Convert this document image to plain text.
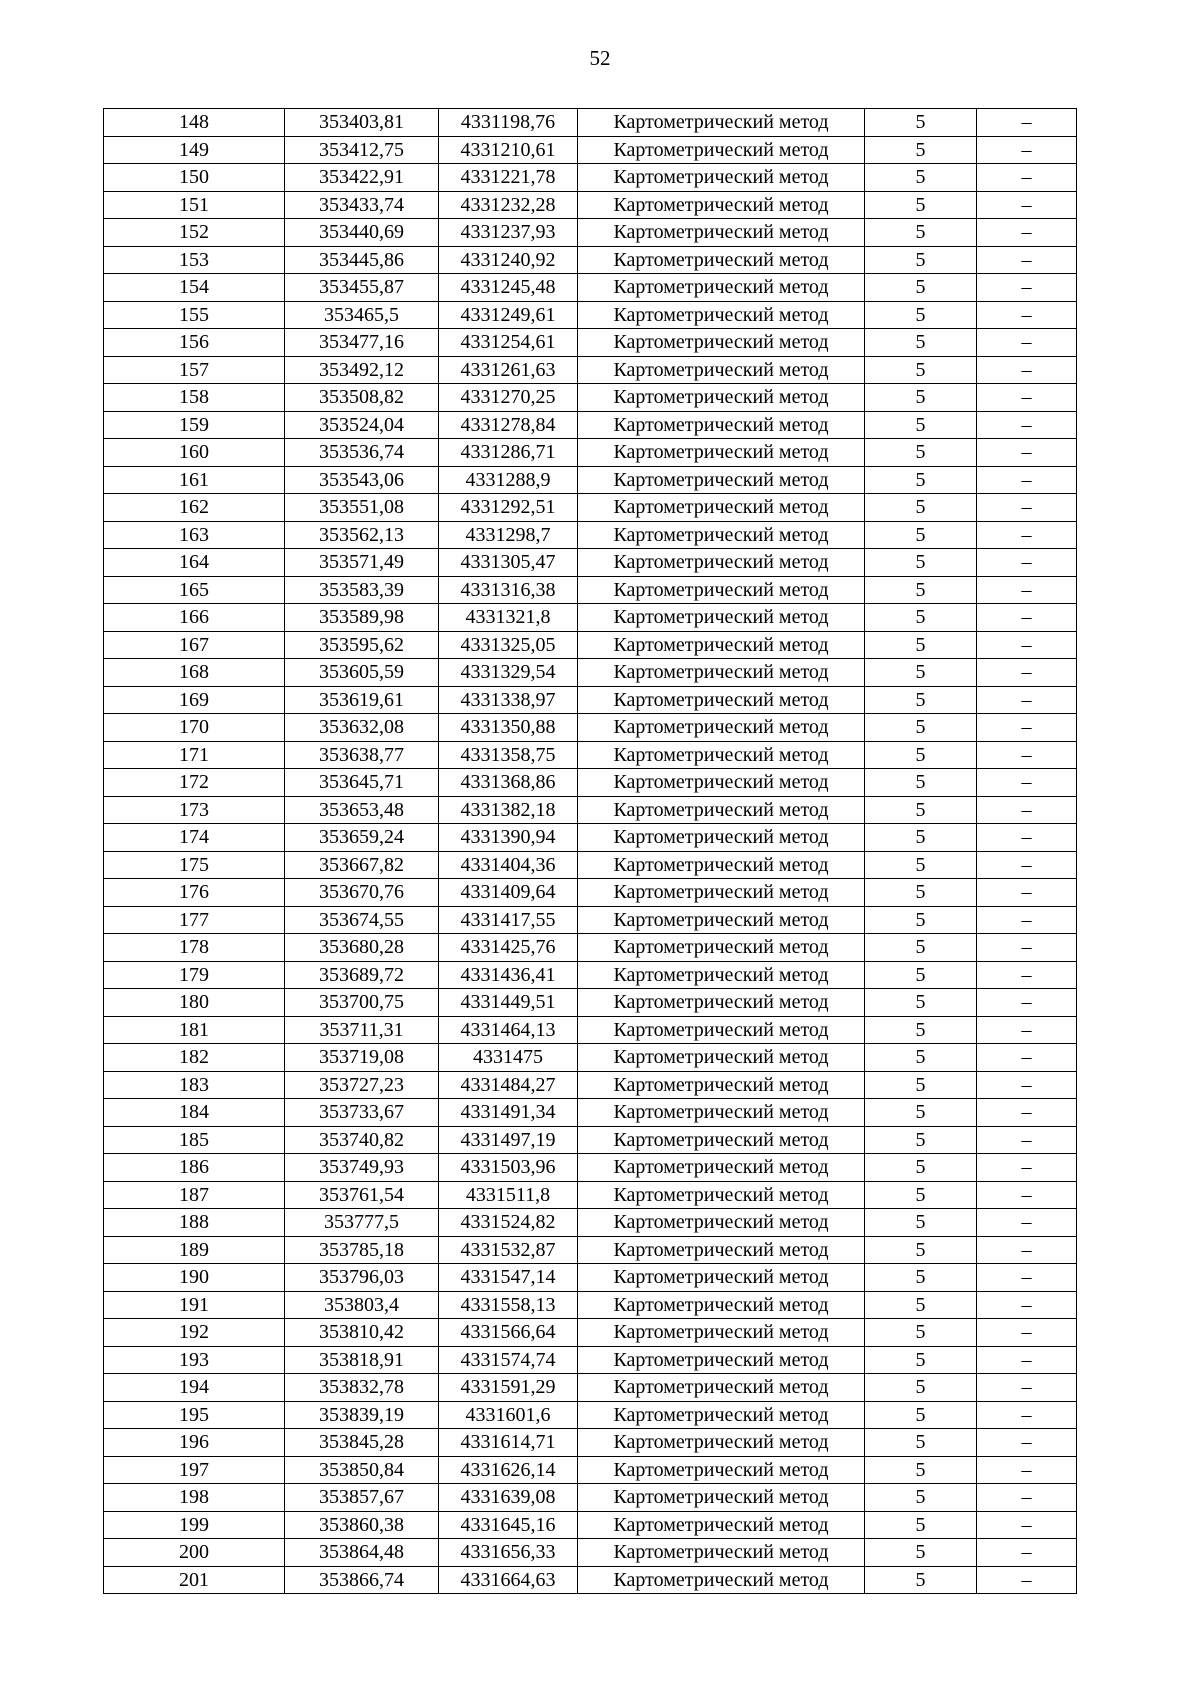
52
148	353403,81	4331198,76	Картометрический метод	5	–
149	353412,75	4331210,61	Картометрический метод	5	–
150	353422,91	4331221,78	Картометрический метод	5	–
151	353433,74	4331232,28	Картометрический метод	5	–
152	353440,69	4331237,93	Картометрический метод	5	–
153	353445,86	4331240,92	Картометрический метод	5	–
154	353455,87	4331245,48	Картометрический метод	5	–
155	353465,5	4331249,61	Картометрический метод	5	–
156	353477,16	4331254,61	Картометрический метод	5	–
157	353492,12	4331261,63	Картометрический метод	5	–
158	353508,82	4331270,25	Картометрический метод	5	–
159	353524,04	4331278,84	Картометрический метод	5	–
160	353536,74	4331286,71	Картометрический метод	5	–
161	353543,06	4331288,9	Картометрический метод	5	–
162	353551,08	4331292,51	Картометрический метод	5	–
163	353562,13	4331298,7	Картометрический метод	5	–
164	353571,49	4331305,47	Картометрический метод	5	–
165	353583,39	4331316,38	Картометрический метод	5	–
166	353589,98	4331321,8	Картометрический метод	5	–
167	353595,62	4331325,05	Картометрический метод	5	–
168	353605,59	4331329,54	Картометрический метод	5	–
169	353619,61	4331338,97	Картометрический метод	5	–
170	353632,08	4331350,88	Картометрический метод	5	–
171	353638,77	4331358,75	Картометрический метод	5	–
172	353645,71	4331368,86	Картометрический метод	5	–
173	353653,48	4331382,18	Картометрический метод	5	–
174	353659,24	4331390,94	Картометрический метод	5	–
175	353667,82	4331404,36	Картометрический метод	5	–
176	353670,76	4331409,64	Картометрический метод	5	–
177	353674,55	4331417,55	Картометрический метод	5	–
178	353680,28	4331425,76	Картометрический метод	5	–
179	353689,72	4331436,41	Картометрический метод	5	–
180	353700,75	4331449,51	Картометрический метод	5	–
181	353711,31	4331464,13	Картометрический метод	5	–
182	353719,08	4331475	Картометрический метод	5	–
183	353727,23	4331484,27	Картометрический метод	5	–
184	353733,67	4331491,34	Картометрический метод	5	–
185	353740,82	4331497,19	Картометрический метод	5	–
186	353749,93	4331503,96	Картометрический метод	5	–
187	353761,54	4331511,8	Картометрический метод	5	–
188	353777,5	4331524,82	Картометрический метод	5	–
189	353785,18	4331532,87	Картометрический метод	5	–
190	353796,03	4331547,14	Картометрический метод	5	–
191	353803,4	4331558,13	Картометрический метод	5	–
192	353810,42	4331566,64	Картометрический метод	5	–
193	353818,91	4331574,74	Картометрический метод	5	–
194	353832,78	4331591,29	Картометрический метод	5	–
195	353839,19	4331601,6	Картометрический метод	5	–
196	353845,28	4331614,71	Картометрический метод	5	–
197	353850,84	4331626,14	Картометрический метод	5	–
198	353857,67	4331639,08	Картометрический метод	5	–
199	353860,38	4331645,16	Картометрический метод	5	–
200	353864,48	4331656,33	Картометрический метод	5	–
201	353866,74	4331664,63	Картометрический метод	5	–
